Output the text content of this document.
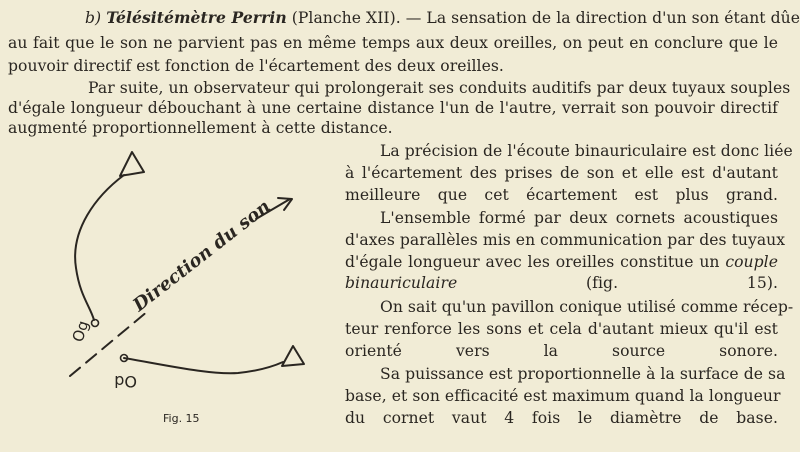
b) Télésitémètre Perrin (Planche XII). — La sensation de la direction d'un son étant dûe
au fait que le son ne parvient pas en même temps aux deux oreilles, on peut en conclure que le
pouvoir directif est fonction de l'écartement des deux oreilles.
Par suite, un observateur qui prolongerait ses conduits auditifs par deux tuyaux souples
d'égale longueur débouchant à une certaine distance l'un de l'autre, verrait son pouvoir directif
augmenté proportionnellement à cette distance.
La précision de l'écoute binauriculaire est donc liée
à l'écartement des prises de son et elle est d'autant
meilleure que cet écartement est plus grand.
L'ensemble formé par deux cornets acoustiques
d'axes parallèles mis en communication par des tuyaux
d'égale longueur avec les oreilles constitue un couple
binauriculaire (fig. 15).
On sait qu'un pavillon conique utilisé comme récep-
teur renforce les sons et cela d'autant mieux qu'il est
orienté vers la source sonore.
Sa puissance est proportionnelle à la surface de sa
base, et son efficacité est maximum quand la longueur
du cornet vaut 4 fois le diamètre de base.
Direction du son
Og
Od
Fig. 15
